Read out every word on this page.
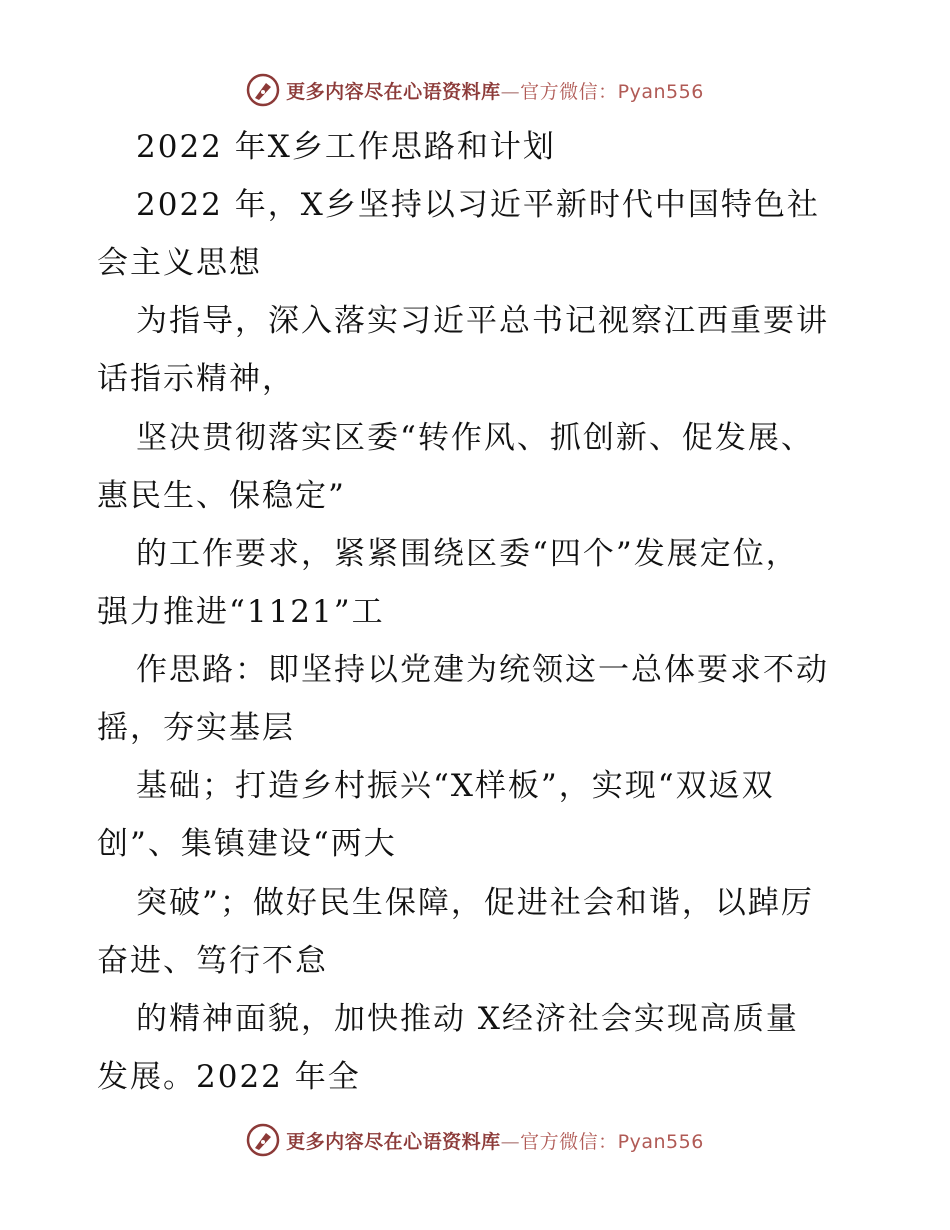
更多内容尽在心语资料库—官方微信：Pyan556
2022 年X乡工作思路和计划
2022 年，X乡坚持以习近平新时代中国特色社
会主义思想
为指导，深入落实习近平总书记视察江西重要讲
话指示精神，
坚决贯彻落实区委“转作风、抓创新、促发展、
惠民生、保稳定”
的工作要求，紧紧围绕区委“四个”发展定位，
强力推进“1121”工
作思路：即坚持以党建为统领这一总体要求不动
摇，夯实基层
基础；打造乡村振兴“X样板”，实现“双返双
创”、集镇建设“两大
突破”；做好民生保障，促进社会和谐，以踔厉
奋进、笃行不怠
的精神面貌，加快推动 X经济社会实现高质量
发展。2022 年全
更多内容尽在心语资料库—官方微信：Pyan556
